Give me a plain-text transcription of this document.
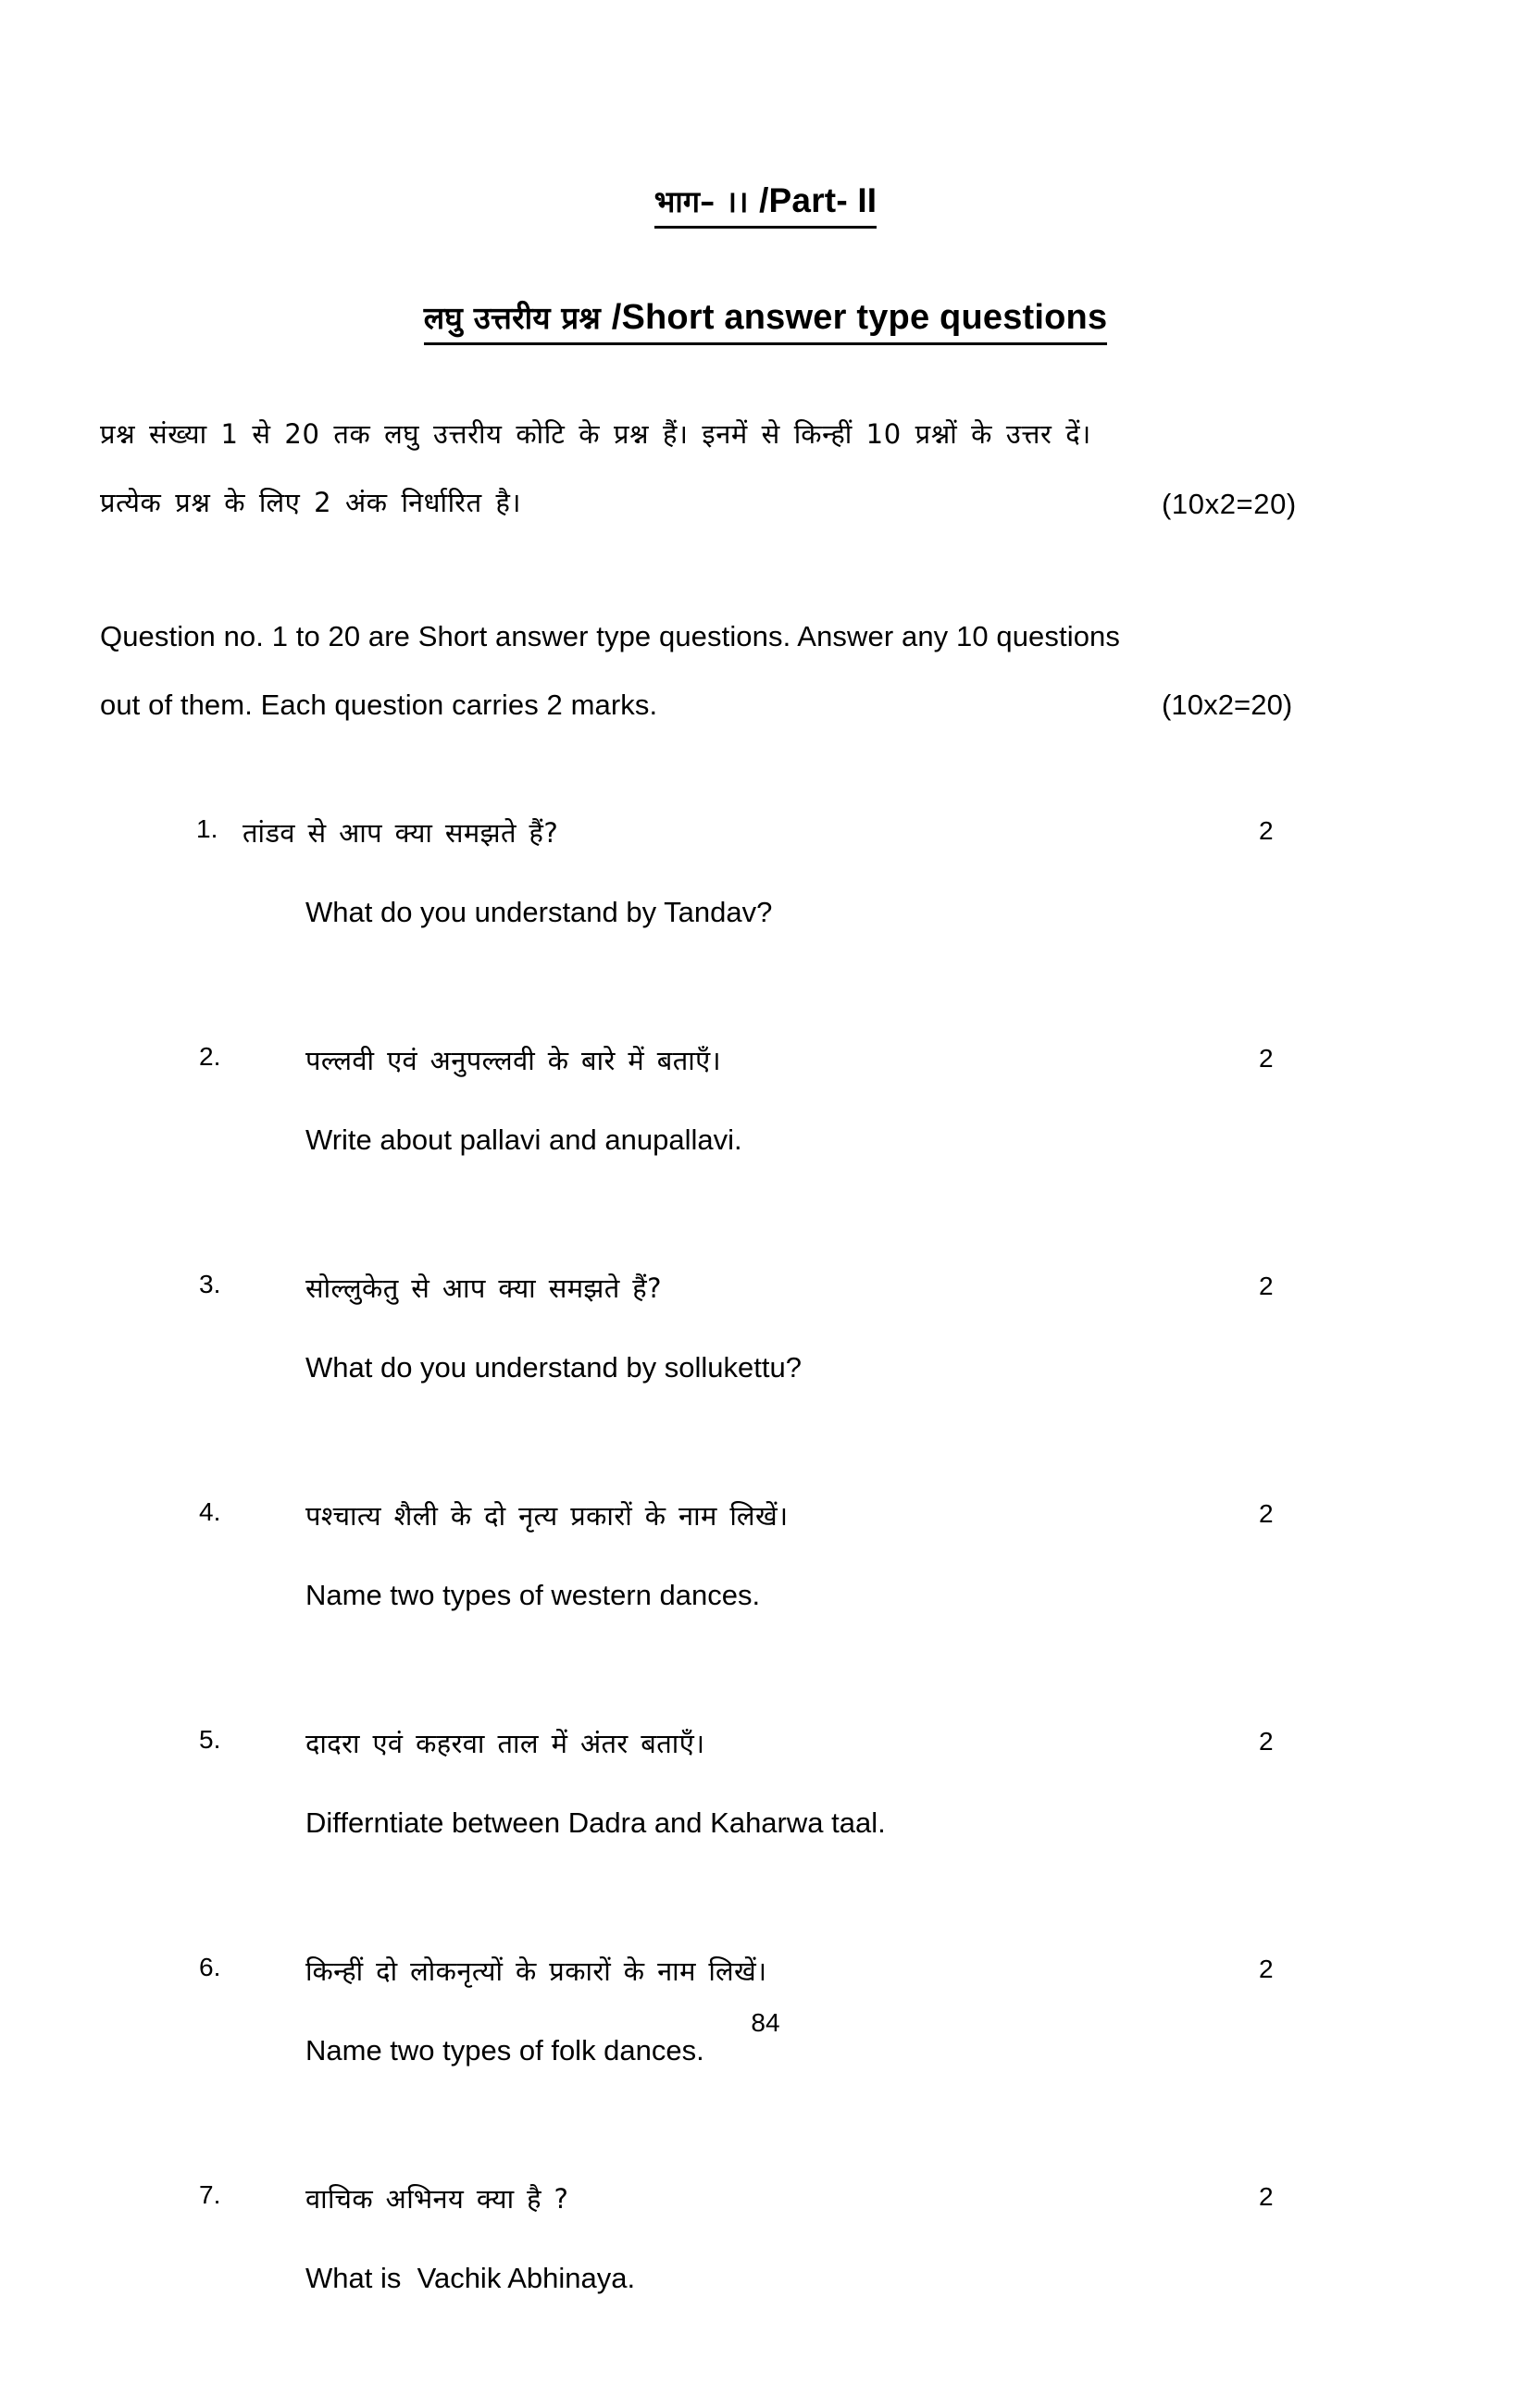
भाग– ।। /Part- II
लघु उत्तरीय प्रश्न /Short answer type questions
प्रश्न संख्या 1 से 20 तक लघु उत्तरीय कोटि के प्रश्न हैं। इनमें से किन्हीं 10 प्रश्नों के उत्तर दें।
प्रत्येक प्रश्न के लिए 2 अंक निर्धारित है।	(10x2=20)
Question no. 1 to 20 are Short answer type questions. Answer any 10 questions
out of them. Each question carries 2 marks.	(10x2=20)
1. तांडव से आप क्या समझते हैं?
What do you understand by Tandav?
2
2.	पल्लवी एवं अनुपल्लवी के बारे में बताएँ।
Write about pallavi and anupallavi.
2
3.	सोल्लुकेतु से आप क्या समझते हैं?
What do you understand by sollukettu?
2
4.	पश्चात्य शैली के दो नृत्य प्रकारों के नाम लिखें।
Name two types of western dances.
2
5.	दादरा एवं कहरवा ताल में अंतर बताएँ।
Differntiate between Dadra and Kaharwa taal.
2
6.	किन्हीं दो लोकनृत्यों के प्रकारों के नाम लिखें।
Name two types of folk dances.
2
7.	वाचिक अभिनय क्या है ?
What is  Vachik Abhinaya.
2
84
